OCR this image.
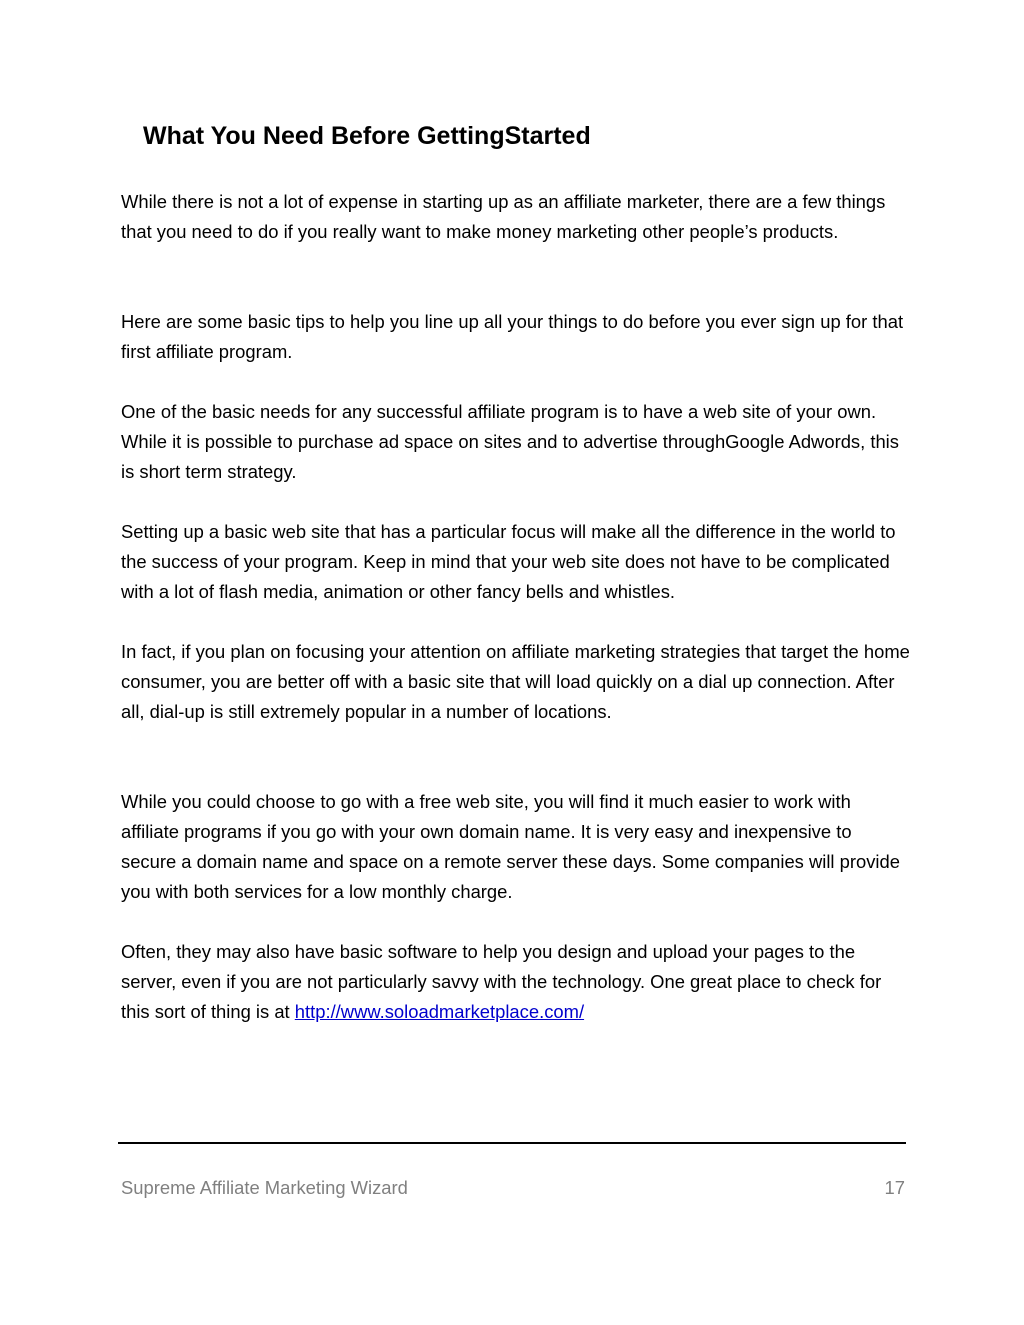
What You Need Before GettingStarted

While there is not a lot of expense in starting up as an affiliate marketer, there are a few things that you need to do if you really want to make money marketing other people’s products.

Here are some basic tips to help you line up all your things to do before you ever sign up for that first affiliate program.

One of the basic needs for any successful affiliate program is to have a web site of your own. While it is possible to purchase ad space on sites and to advertise throughGoogle Adwords, this is short term strategy.

Setting up a basic web site that has a particular focus will make all the difference in the world to the success of your program. Keep in mind that your web site does not have to be complicated with a lot of flash media, animation or other fancy bells and whistles.

In fact, if you plan on focusing your attention on affiliate marketing strategies that target the home consumer, you are better off with a basic site that will load quickly on a dial up connection. After all, dial-up is still extremely popular in a number of locations.

While you could choose to go with a free web site, you will find it much easier to work with affiliate programs if you go with your own domain name. It is very easy and inexpensive to secure a domain name and space on a remote server these days. Some companies will provide you with both services for a low monthly charge.

Often, they may also have basic software to help you design and upload your pages to the server, even if you are not particularly savvy with the technology. One great place to check for this sort of thing is at http://www.soloadmarketplace.com/

Supreme Affiliate Marketing Wizard	17
